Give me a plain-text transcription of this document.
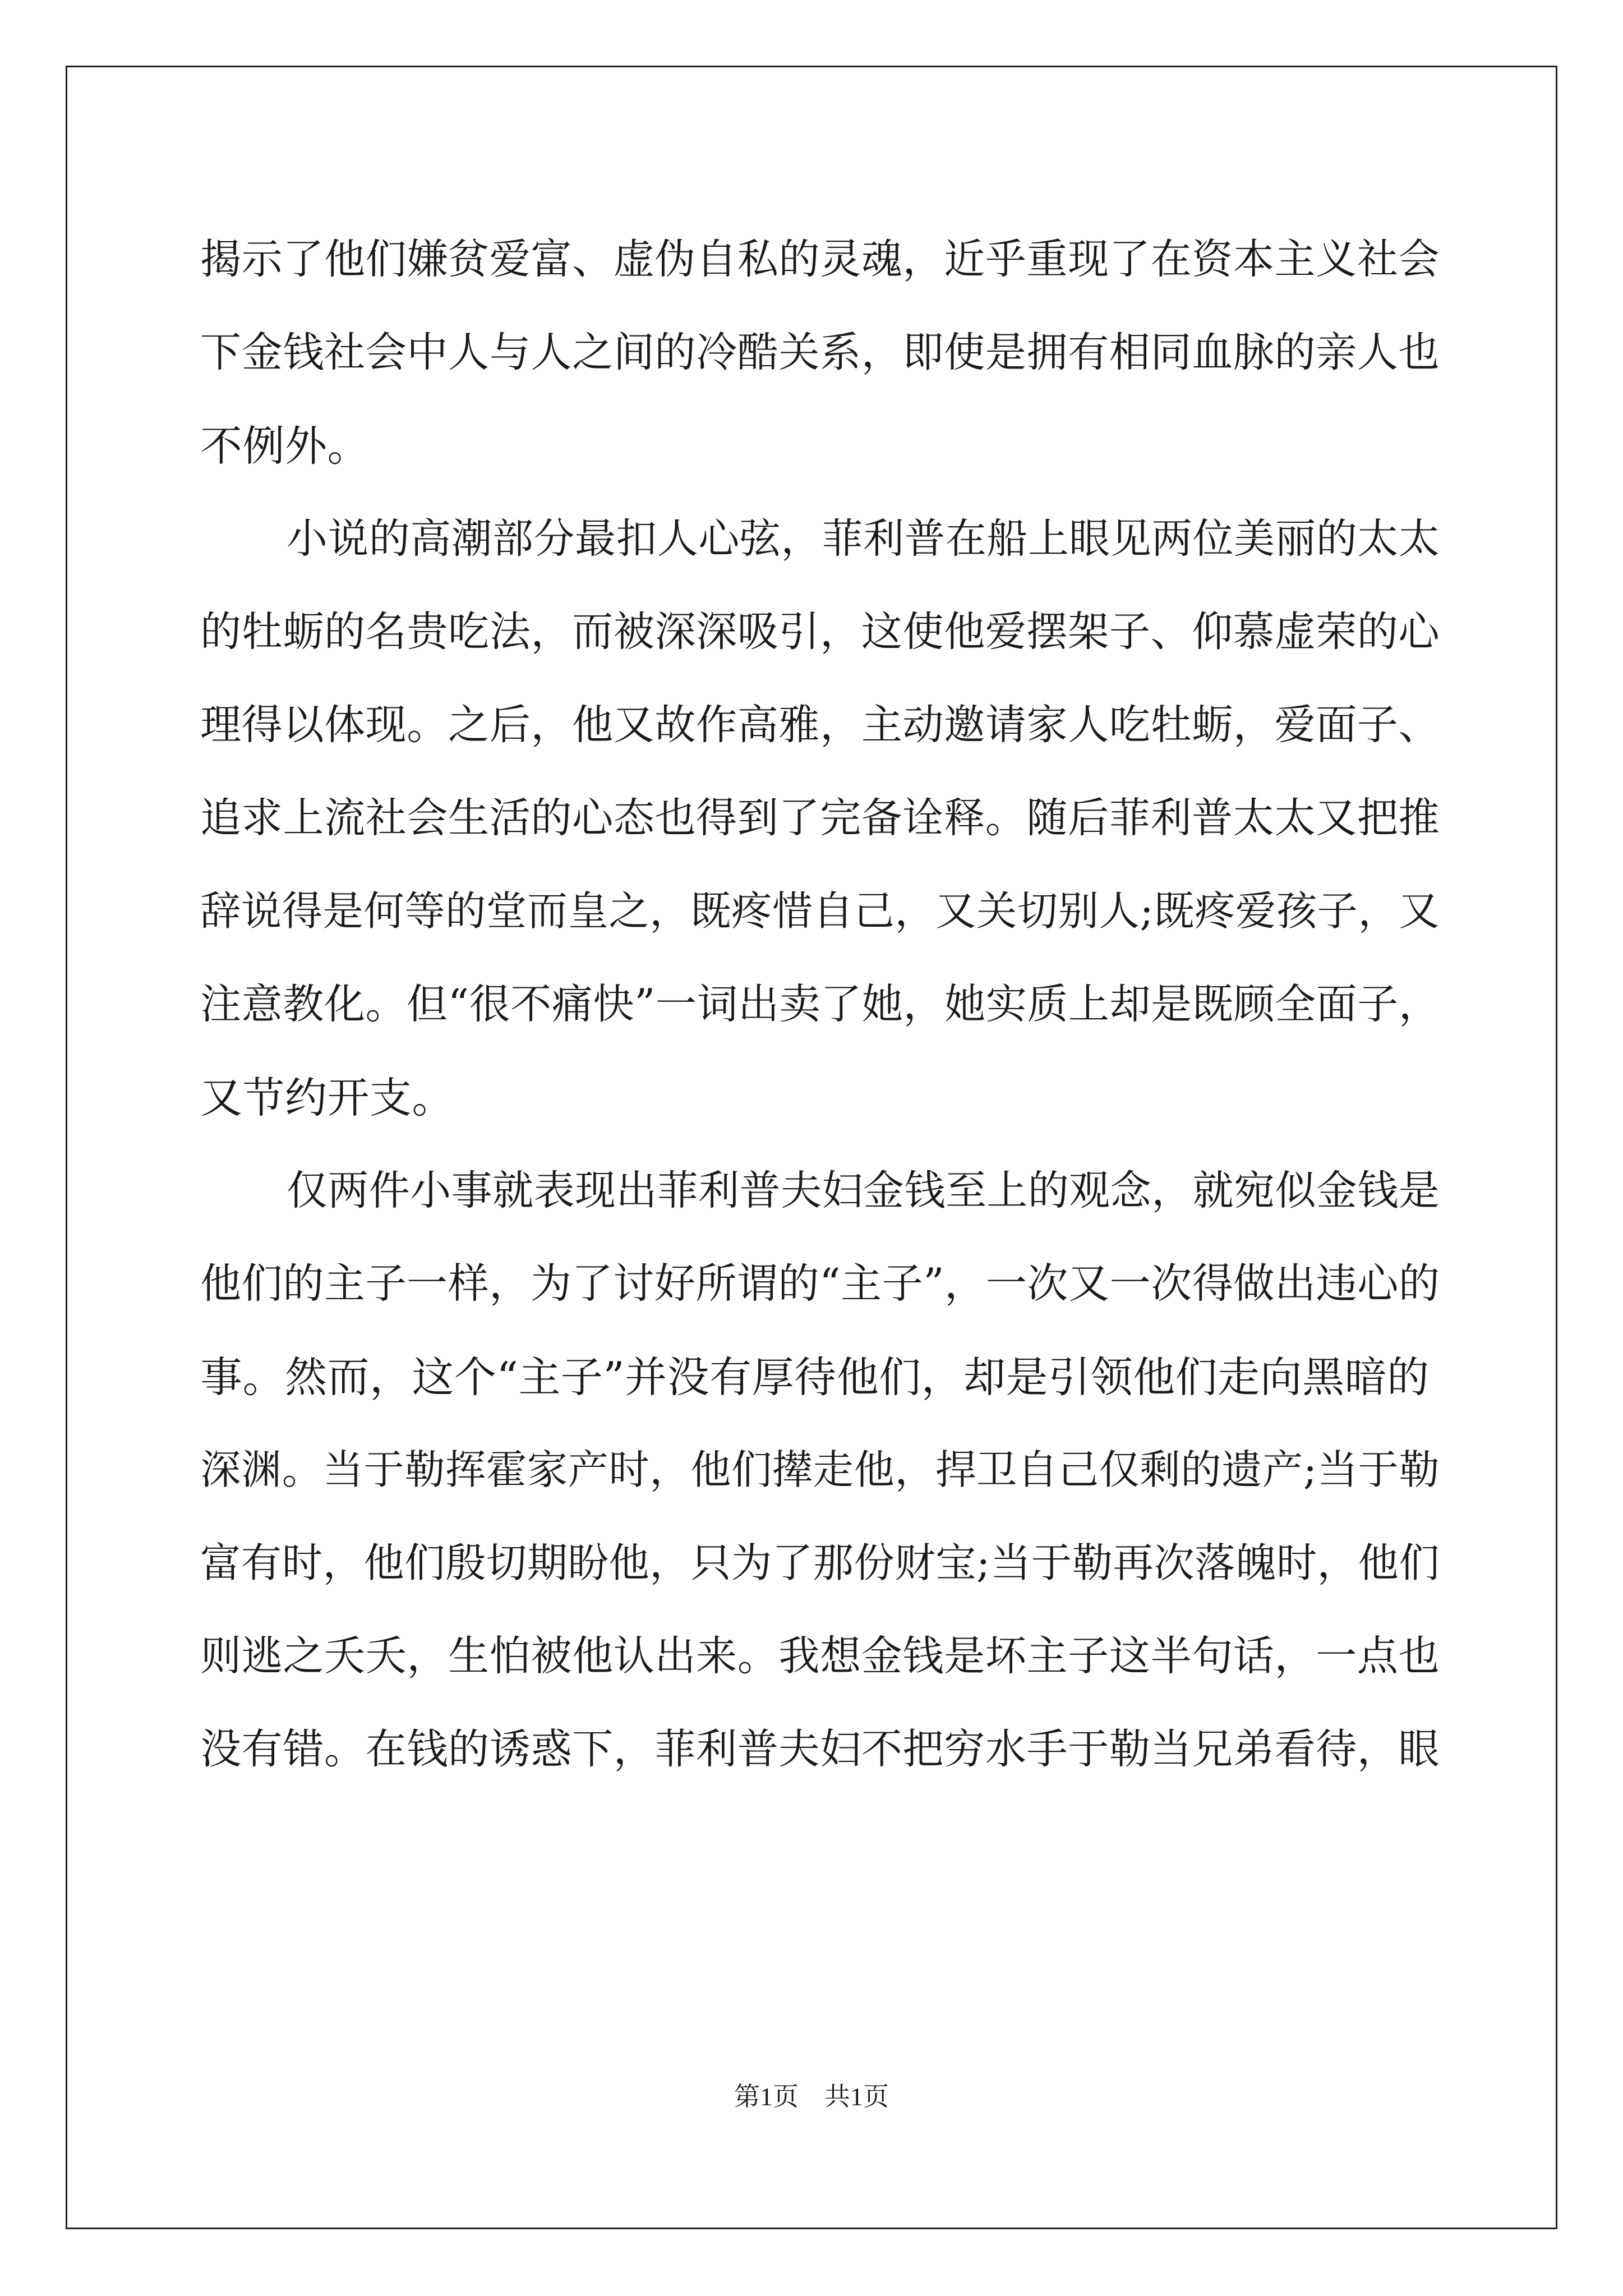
揭示了他们嫌贫爱富、虚伪自私的灵魂，近乎重现了在资本主义社会
下金钱社会中人与人之间的冷酷关系，即使是拥有相同血脉的亲人也
不例外。
小说的高潮部分最扣人心弦，菲利普在船上眼见两位美丽的太太
的牡蛎的名贵吃法，而被深深吸引，这使他爱摆架子、仰慕虚荣的心
理得以体现。之后，他又故作高雅，主动邀请家人吃牡蛎，爱面子、
追求上流社会生活的心态也得到了完备诠释。随后菲利普太太又把推
辞说得是何等的堂而皇之，既疼惜自己，又关切别人;既疼爱孩子，又
注意教化。但“很不痛快”一词出卖了她，她实质上却是既顾全面子，
又节约开支。
仅两件小事就表现出菲利普夫妇金钱至上的观念，就宛似金钱是
他们的主子一样，为了讨好所谓的“主子”，一次又一次得做出违心的
事。然而，这个“主子”并没有厚待他们，却是引领他们走向黑暗的
深渊。当于勒挥霍家产时，他们撵走他，捍卫自己仅剩的遗产;当于勒
富有时，他们殷切期盼他，只为了那份财宝;当于勒再次落魄时，他们
则逃之夭夭，生怕被他认出来。我想金钱是坏主子这半句话，一点也
没有错。在钱的诱惑下，菲利普夫妇不把穷水手于勒当兄弟看待，眼
第1页 共1页
